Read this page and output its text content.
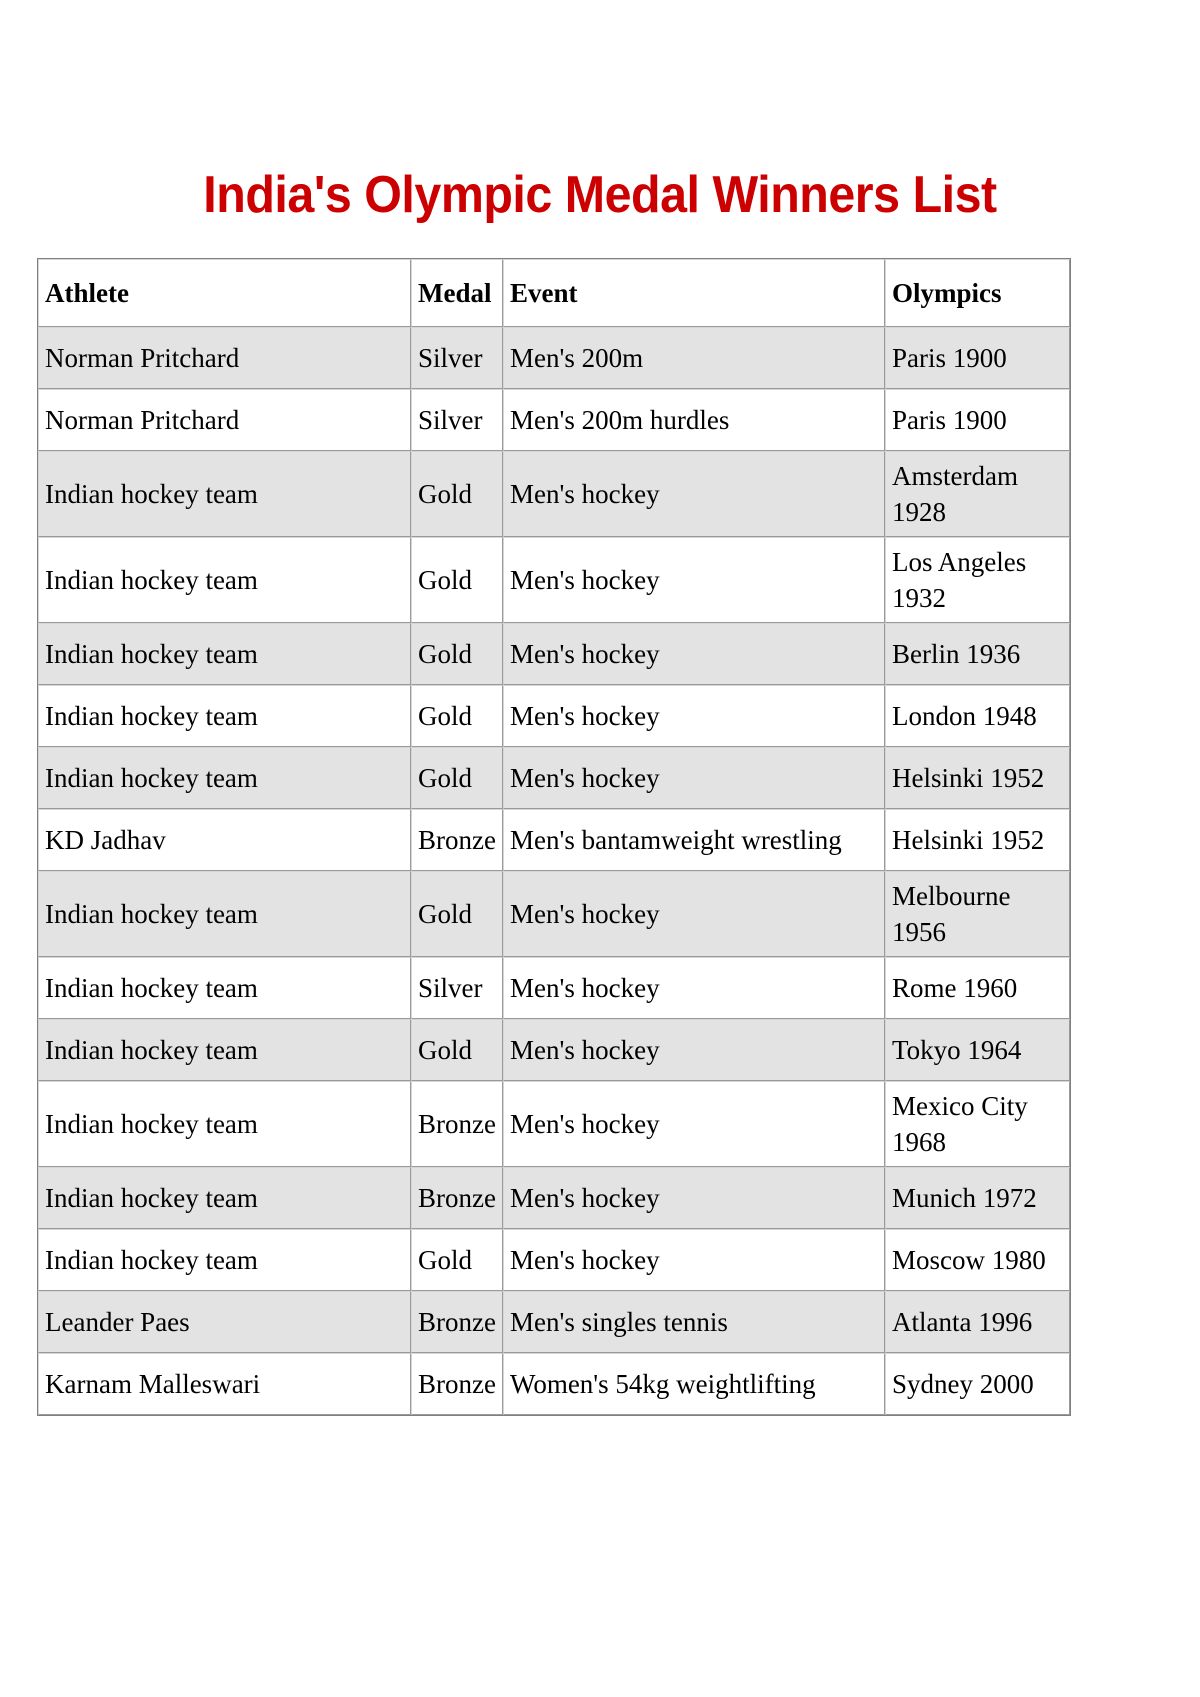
India's Olympic Medal Winners List
Athlete	Medal	Event	Olympics
Norman Pritchard	Silver	Men's 200m	Paris 1900
Norman Pritchard	Silver	Men's 200m hurdles	Paris 1900
Indian hockey team	Gold	Men's hockey	Amsterdam 1928
Indian hockey team	Gold	Men's hockey	Los Angeles 1932
Indian hockey team	Gold	Men's hockey	Berlin 1936
Indian hockey team	Gold	Men's hockey	London 1948
Indian hockey team	Gold	Men's hockey	Helsinki 1952
KD Jadhav	Bronze	Men's bantamweight wrestling	Helsinki 1952
Indian hockey team	Gold	Men's hockey	Melbourne 1956
Indian hockey team	Silver	Men's hockey	Rome 1960
Indian hockey team	Gold	Men's hockey	Tokyo 1964
Indian hockey team	Bronze	Men's hockey	Mexico City 1968
Indian hockey team	Bronze	Men's hockey	Munich 1972
Indian hockey team	Gold	Men's hockey	Moscow 1980
Leander Paes	Bronze	Men's singles tennis	Atlanta 1996
Karnam Malleswari	Bronze	Women's 54kg weightlifting	Sydney 2000
